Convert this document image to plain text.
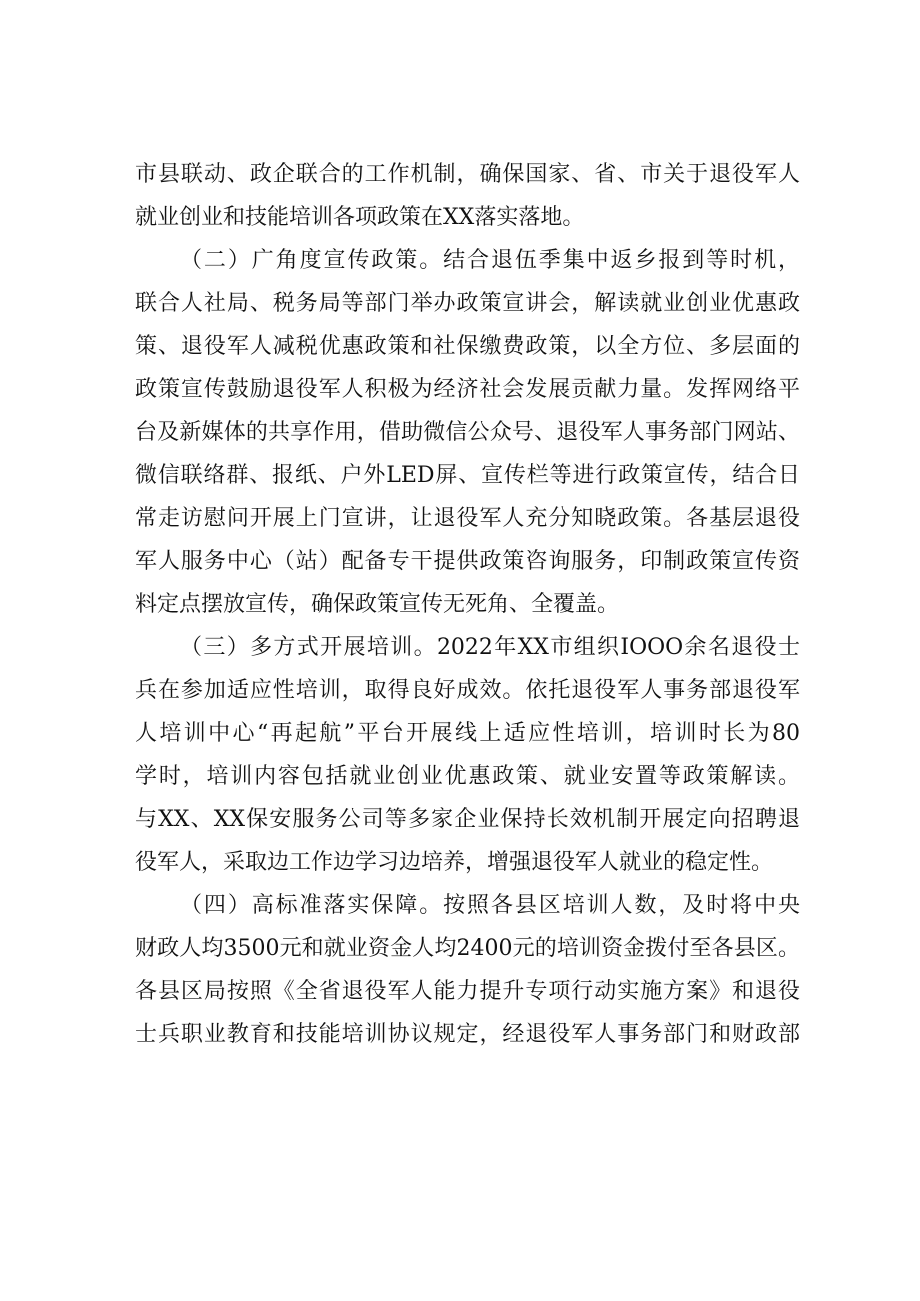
市县联动、政企联合的工作机制，确保国家、省、市关于退役军人
就业创业和技能培训各项政策在XX落实落地。
（二）广角度宣传政策。结合退伍季集中返乡报到等时机，
联合人社局、税务局等部门举办政策宣讲会，解读就业创业优惠政
策、退役军人减税优惠政策和社保缴费政策，以全方位、多层面的
政策宣传鼓励退役军人积极为经济社会发展贡献力量。发挥网络平
台及新媒体的共享作用，借助微信公众号、退役军人事务部门网站、
微信联络群、报纸、户外LED屏、宣传栏等进行政策宣传，结合日
常走访慰问开展上门宣讲，让退役军人充分知晓政策。各基层退役
军人服务中心（站）配备专干提供政策咨询服务，印制政策宣传资
料定点摆放宣传，确保政策宣传无死角、全覆盖。
（三）多方式开展培训。2022年XX市组织IOOO余名退役士
兵在参加适应性培训，取得良好成效。依托退役军人事务部退役军
人培训中心“再起航”平台开展线上适应性培训，培训时长为80
学时，培训内容包括就业创业优惠政策、就业安置等政策解读。
与XX、XX保安服务公司等多家企业保持长效机制开展定向招聘退
役军人，采取边工作边学习边培养，增强退役军人就业的稳定性。
（四）高标准落实保障。按照各县区培训人数，及时将中央
财政人均3500元和就业资金人均2400元的培训资金拨付至各县区。
各县区局按照《全省退役军人能力提升专项行动实施方案》和退役
士兵职业教育和技能培训协议规定，经退役军人事务部门和财政部
